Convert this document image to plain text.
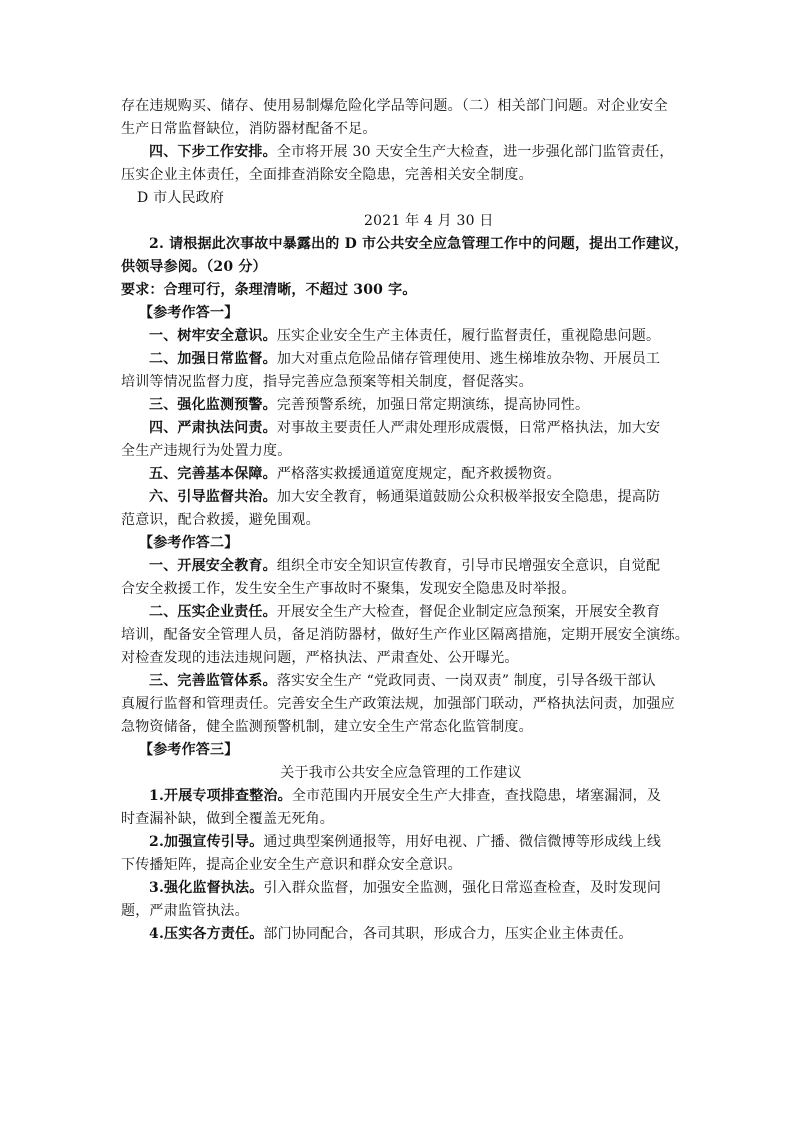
存在违规购买、储存、使用易制爆危险化学品等问题。（二）相关部门问题。对企业安全
生产日常监督缺位，消防器材配备不足。
四、下步工作安排。全市将开展 30 天安全生产大检查，进一步强化部门监管责任，
压实企业主体责任，全面排查消除安全隐患，完善相关安全制度。
D 市人民政府
2021 年 4 月 30 日
2. 请根据此次事故中暴露出的 D 市公共安全应急管理工作中的问题，提出工作建议，
供领导参阅。（20 分）
要求：合理可行，条理清晰，不超过 300 字。
【参考作答一】
一、树牢安全意识。压实企业安全生产主体责任，履行监督责任，重视隐患问题。
二、加强日常监督。加大对重点危险品储存管理使用、逃生梯堆放杂物、开展员工
培训等情况监督力度，指导完善应急预案等相关制度，督促落实。
三、强化监测预警。完善预警系统，加强日常定期演练，提高协同性。
四、严肃执法问责。对事故主要责任人严肃处理形成震慑，日常严格执法，加大安
全生产违规行为处置力度。
五、完善基本保障。严格落实救援通道宽度规定，配齐救援物资。
六、引导监督共治。加大安全教育，畅通渠道鼓励公众积极举报安全隐患，提高防
范意识，配合救援，避免围观。
【参考作答二】
一、开展安全教育。组织全市安全知识宣传教育，引导市民增强安全意识，自觉配
合安全救援工作，发生安全生产事故时不聚集，发现安全隐患及时举报。
二、压实企业责任。开展安全生产大检查，督促企业制定应急预案，开展安全教育
培训，配备安全管理人员，备足消防器材，做好生产作业区隔离措施，定期开展安全演练。
对检查发现的违法违规问题，严格执法、严肃查处、公开曝光。
三、完善监管体系。落实安全生产 “党政同责、一岗双责” 制度，引导各级干部认
真履行监督和管理责任。完善安全生产政策法规，加强部门联动，严格执法问责，加强应
急物资储备，健全监测预警机制，建立安全生产常态化监管制度。
【参考作答三】
关于我市公共安全应急管理的工作建议
1.开展专项排查整治。全市范围内开展安全生产大排查，查找隐患，堵塞漏洞，及
时查漏补缺，做到全覆盖无死角。
2.加强宣传引导。通过典型案例通报等，用好电视、广播、微信微博等形成线上线
下传播矩阵，提高企业安全生产意识和群众安全意识。
3.强化监督执法。引入群众监督，加强安全监测，强化日常巡查检查，及时发现问
题，严肃监管执法。
4.压实各方责任。部门协同配合，各司其职，形成合力，压实企业主体责任。
